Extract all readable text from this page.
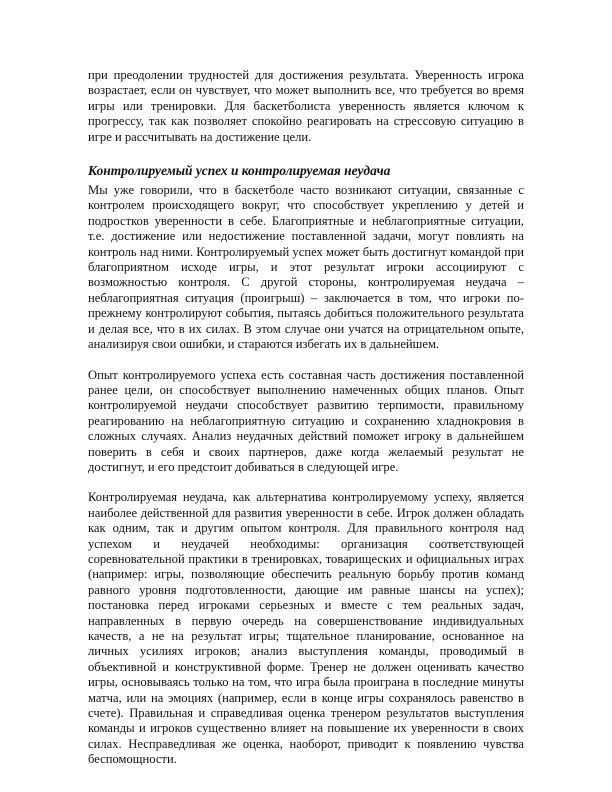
при преодолении трудностей для достижения результата. Уверенность игрока возрастает, если он чувствует, что может выполнить все, что требуется во время игры или тренировки. Для баскетболиста уверенность является ключом к прогрессу, так как позволяет спокойно реагировать на стрессовую ситуацию в игре и рассчитывать на достижение цели.

Контролируемый успех и контролируемая неудача

Мы уже говорили, что в баскетболе часто возникают ситуации, связанные с контролем происходящего вокруг, что способствует укреплению у детей и подростков уверенности в себе. Благоприятные и неблагоприятные ситуации, т.е. достижение или недостижение поставленной задачи, могут повлиять на контроль над ними. Контролируемый успех может быть достигнут командой при благоприятном исходе игры, и этот результат игроки ассоциируют с возможностью контроля. С другой стороны, контролируемая неудача – неблагоприятная ситуация (проигрыш) – заключается в том, что игроки по-прежнему контролируют события, пытаясь добиться положительного результата и делая все, что в их силах. В этом случае они учатся на отрицательном опыте, анализируя свои ошибки, и стараются избегать их в дальнейшем.

Опыт контролируемого успеха есть составная часть достижения поставленной ранее цели, он способствует выполнению намеченных общих планов. Опыт контролируемой неудачи способствует развитию терпимости, правильному реагированию на неблагоприятную ситуацию и сохранению хладнокровия в сложных случаях. Анализ неудачных действий поможет игроку в дальнейшем поверить в себя и своих партнеров, даже когда желаемый результат не достигнут, и его предстоит добиваться в следующей игре.

Контролируемая неудача, как альтернатива контролируемому успеху, является наиболее действенной для развития уверенности в себе. Игрок должен обладать как одним, так и другим опытом контроля. Для правильного контроля над успехом и неудачей необходимы: организация соответствующей соревновательной практики в тренировках, товарищеских и официальных играх (например: игры, позволяющие обеспечить реальную борьбу против команд равного уровня подготовленности, дающие им равные шансы на успех); постановка перед игроками серьезных и вместе с тем реальных задач, направленных в первую очередь на совершенствование индивидуальных качеств, а не на результат игры; тщательное планирование, основанное на личных усилиях игроков; анализ выступления команды, проводимый в объективной и конструктивной форме. Тренер не должен оценивать качество игры, основываясь только на том, что игра была проиграна в последние минуты матча, или на эмоциях (например, если в конце игры сохранялось равенство в счете). Правильная и справедливая оценка тренером результатов выступления команды и игроков существенно влияет на повышение их уверенности в своих силах. Несправедливая же оценка, наоборот, приводит к появлению чувства беспомощности.
